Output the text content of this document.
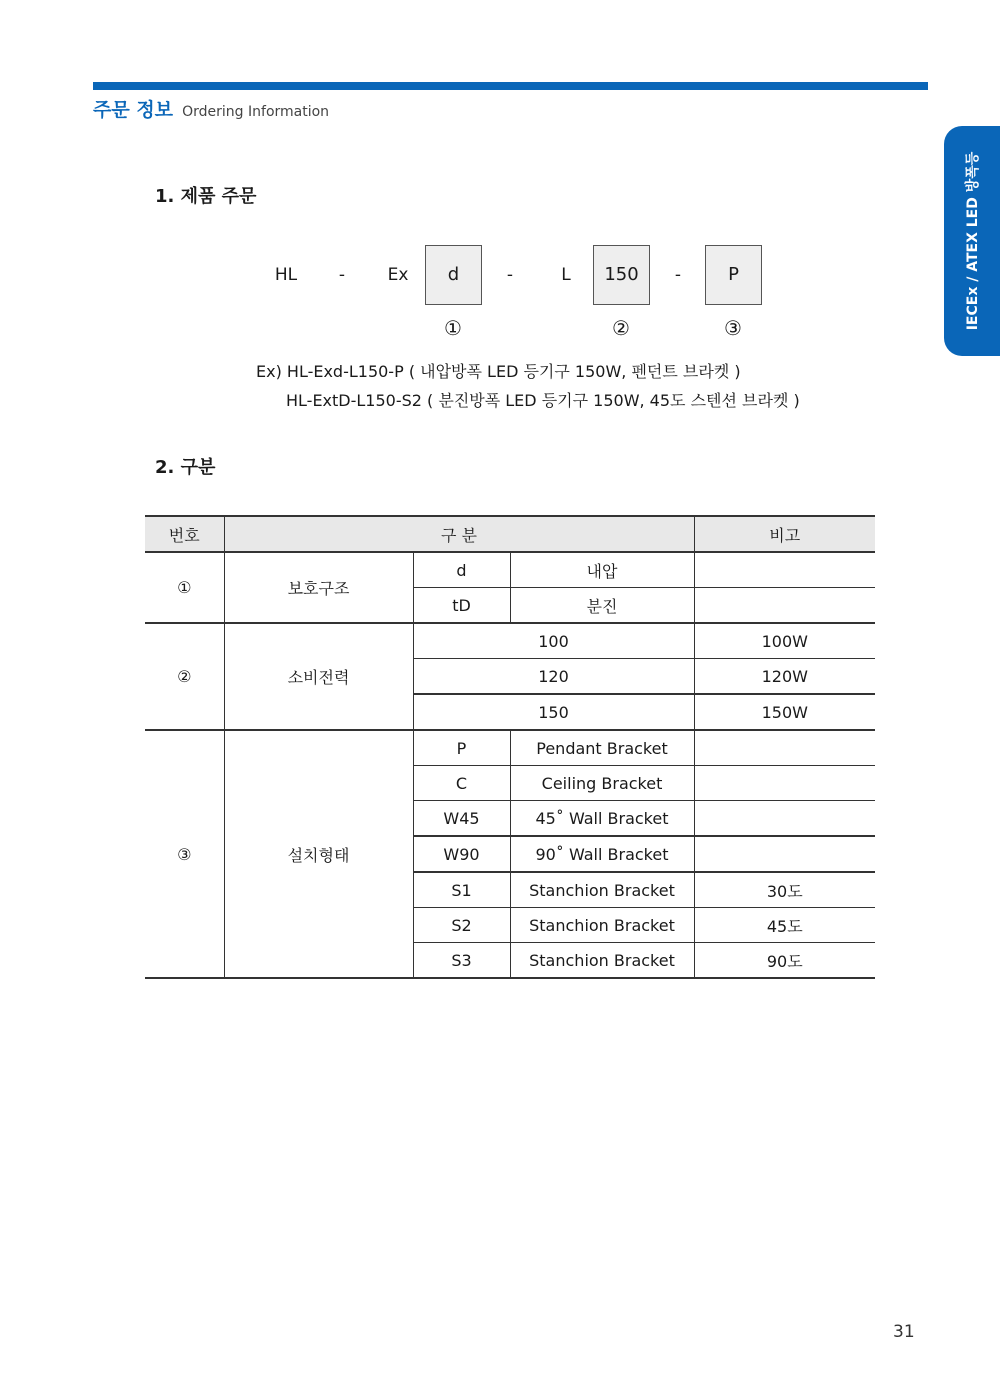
주문 정보 Ordering Information
IECEx / ATEX LED 방폭등
1. 제품 주문
HL	-	Ex	d	-	L	150	-	P
①	②	③
Ex) HL-Exd-L150-P ( 내압방폭 LED 등기구 150W, 펜던트 브라켓 )
HL-ExtD-L150-S2 ( 분진방폭 LED 등기구 150W, 45도 스텐션 브라켓 )
2. 구분
번호	구 분			비고
①	보호구조	d	내압	
		tD	분진	
②	소비전력	100		100W
		120		120W
		150		150W
③	설치형태	P	Pendant Bracket	
		C	Ceiling Bracket	
		W45	45˚ Wall Bracket	
		W90	90˚ Wall Bracket	
		S1	Stanchion Bracket	30도
		S2	Stanchion Bracket	45도
		S3	Stanchion Bracket	90도
31
